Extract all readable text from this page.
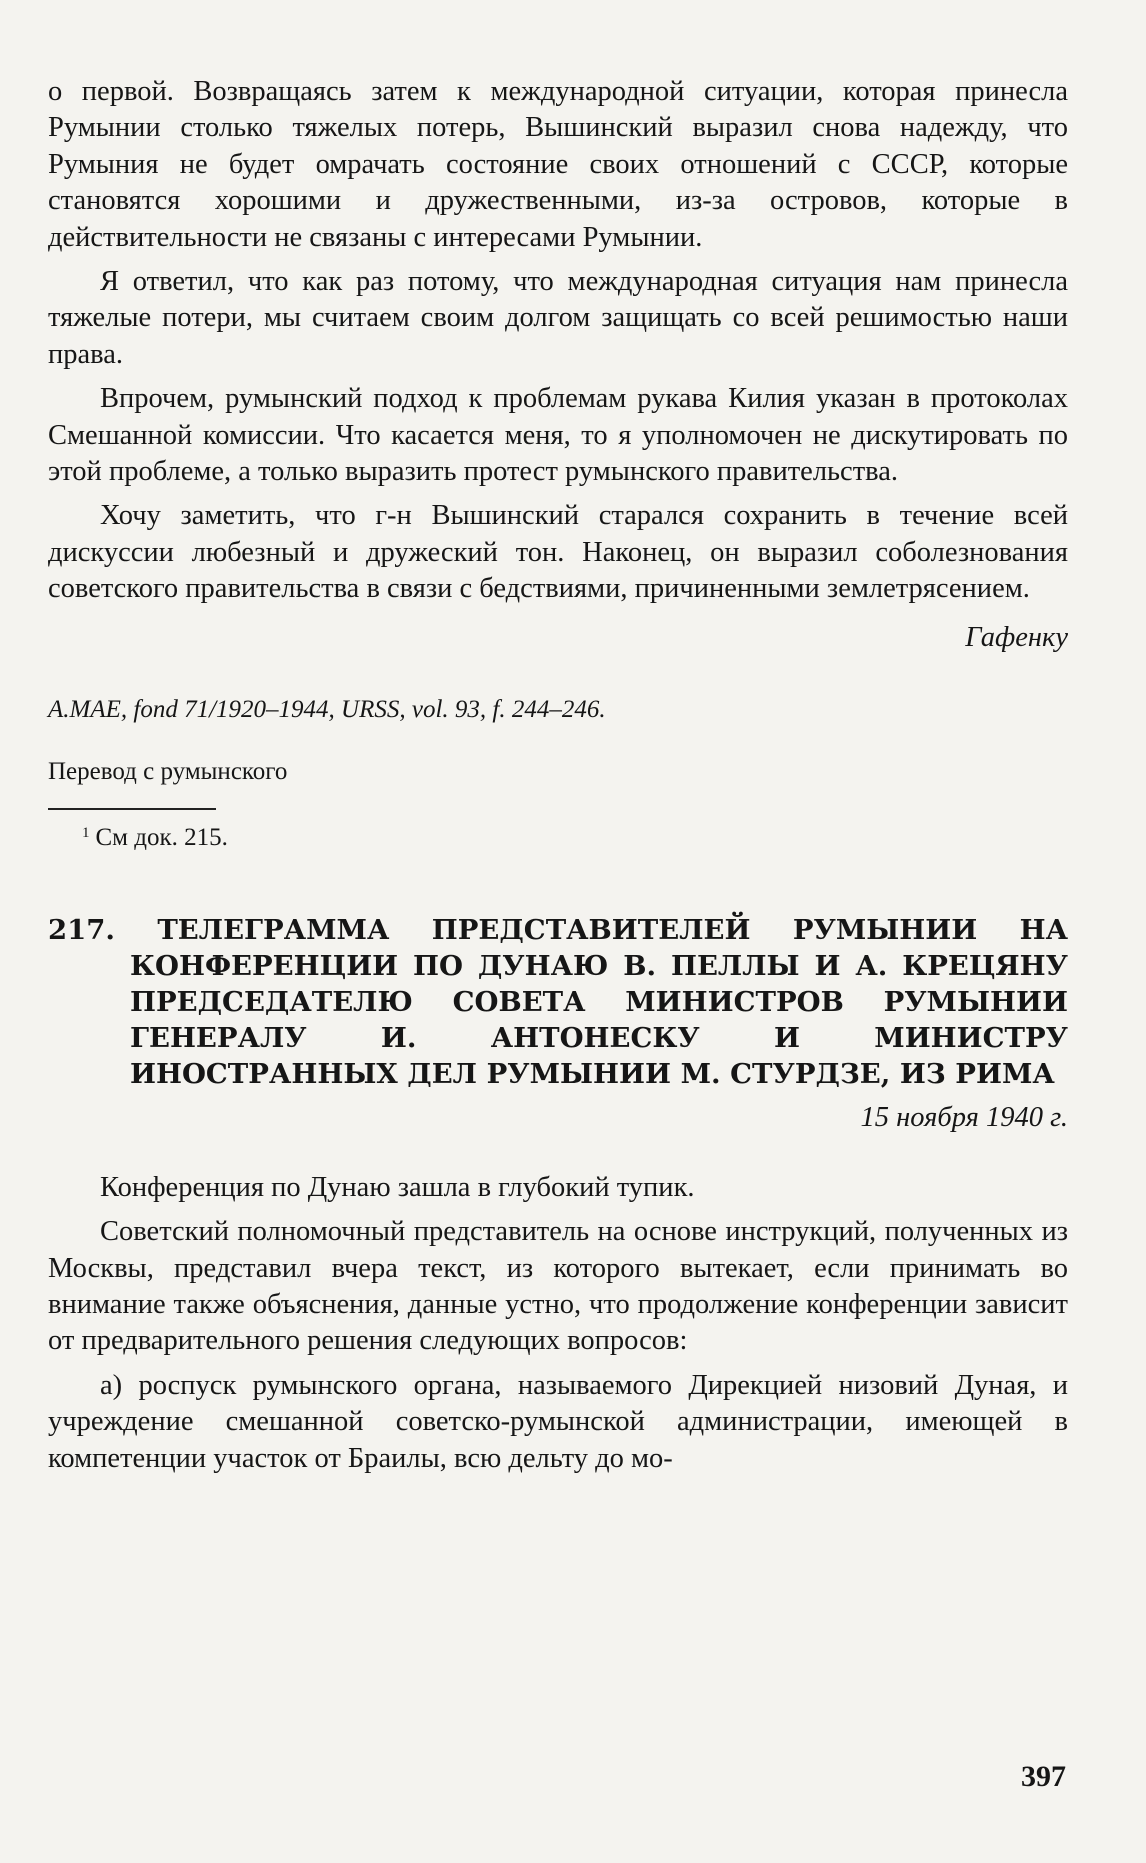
о первой. Возвращаясь затем к международной ситуации, которая принесла Румынии столько тяжелых потерь, Вышинский выразил снова надежду, что Румыния не будет омрачать состояние своих отношений с СССР, которые становятся хорошими и дружественными, из-за островов, которые в действительности не связаны с интересами Румынии.

Я ответил, что как раз потому, что международная ситуация нам принесла тяжелые потери, мы считаем своим долгом защищать со всей решимостью наши права.

Впрочем, румынский подход к проблемам рукава Килия указан в протоколах Смешанной комиссии. Что касается меня, то я уполномочен не дискутировать по этой проблеме, а только выразить протест румынского правительства.

Хочу заметить, что г-н Вышинский старался сохранить в течение всей дискуссии любезный и дружеский тон. Наконец, он выразил соболезнования советского правительства в связи с бедствиями, причиненными землетрясением.

Гафенку

A.MAE, fond 71/1920–1944, URSS, vol. 93, f. 244–246.

Перевод с румынского

$^1$ См док. 215.

217. ТЕЛЕГРАММА ПРЕДСТАВИТЕЛЕЙ РУМЫНИИ НА КОНФЕРЕНЦИИ ПО ДУНАЮ В. ПЕЛЛЫ И А. КРЕЦЯНУ ПРЕДСЕДАТЕЛЮ СОВЕТА МИНИСТРОВ РУМЫНИИ ГЕНЕРАЛУ И. АНТОНЕСКУ И МИНИСТРУ ИНОСТРАННЫХ ДЕЛ РУМЫНИИ М. СТУРДЗЕ, ИЗ РИМА

15 ноября 1940 г.

Конференция по Дунаю зашла в глубокий тупик.

Советский полномочный представитель на основе инструкций, полученных из Москвы, представил вчера текст, из которого вытекает, если принимать во внимание также объяснения, данные устно, что продолжение конференции зависит от предварительного решения следующих вопросов:

а) роспуск румынского органа, называемого Дирекцией низовий Дуная, и учреждение смешанной советско-румынской администрации, имеющей в компетенции участок от Браилы, всю дельту до мо-

397
